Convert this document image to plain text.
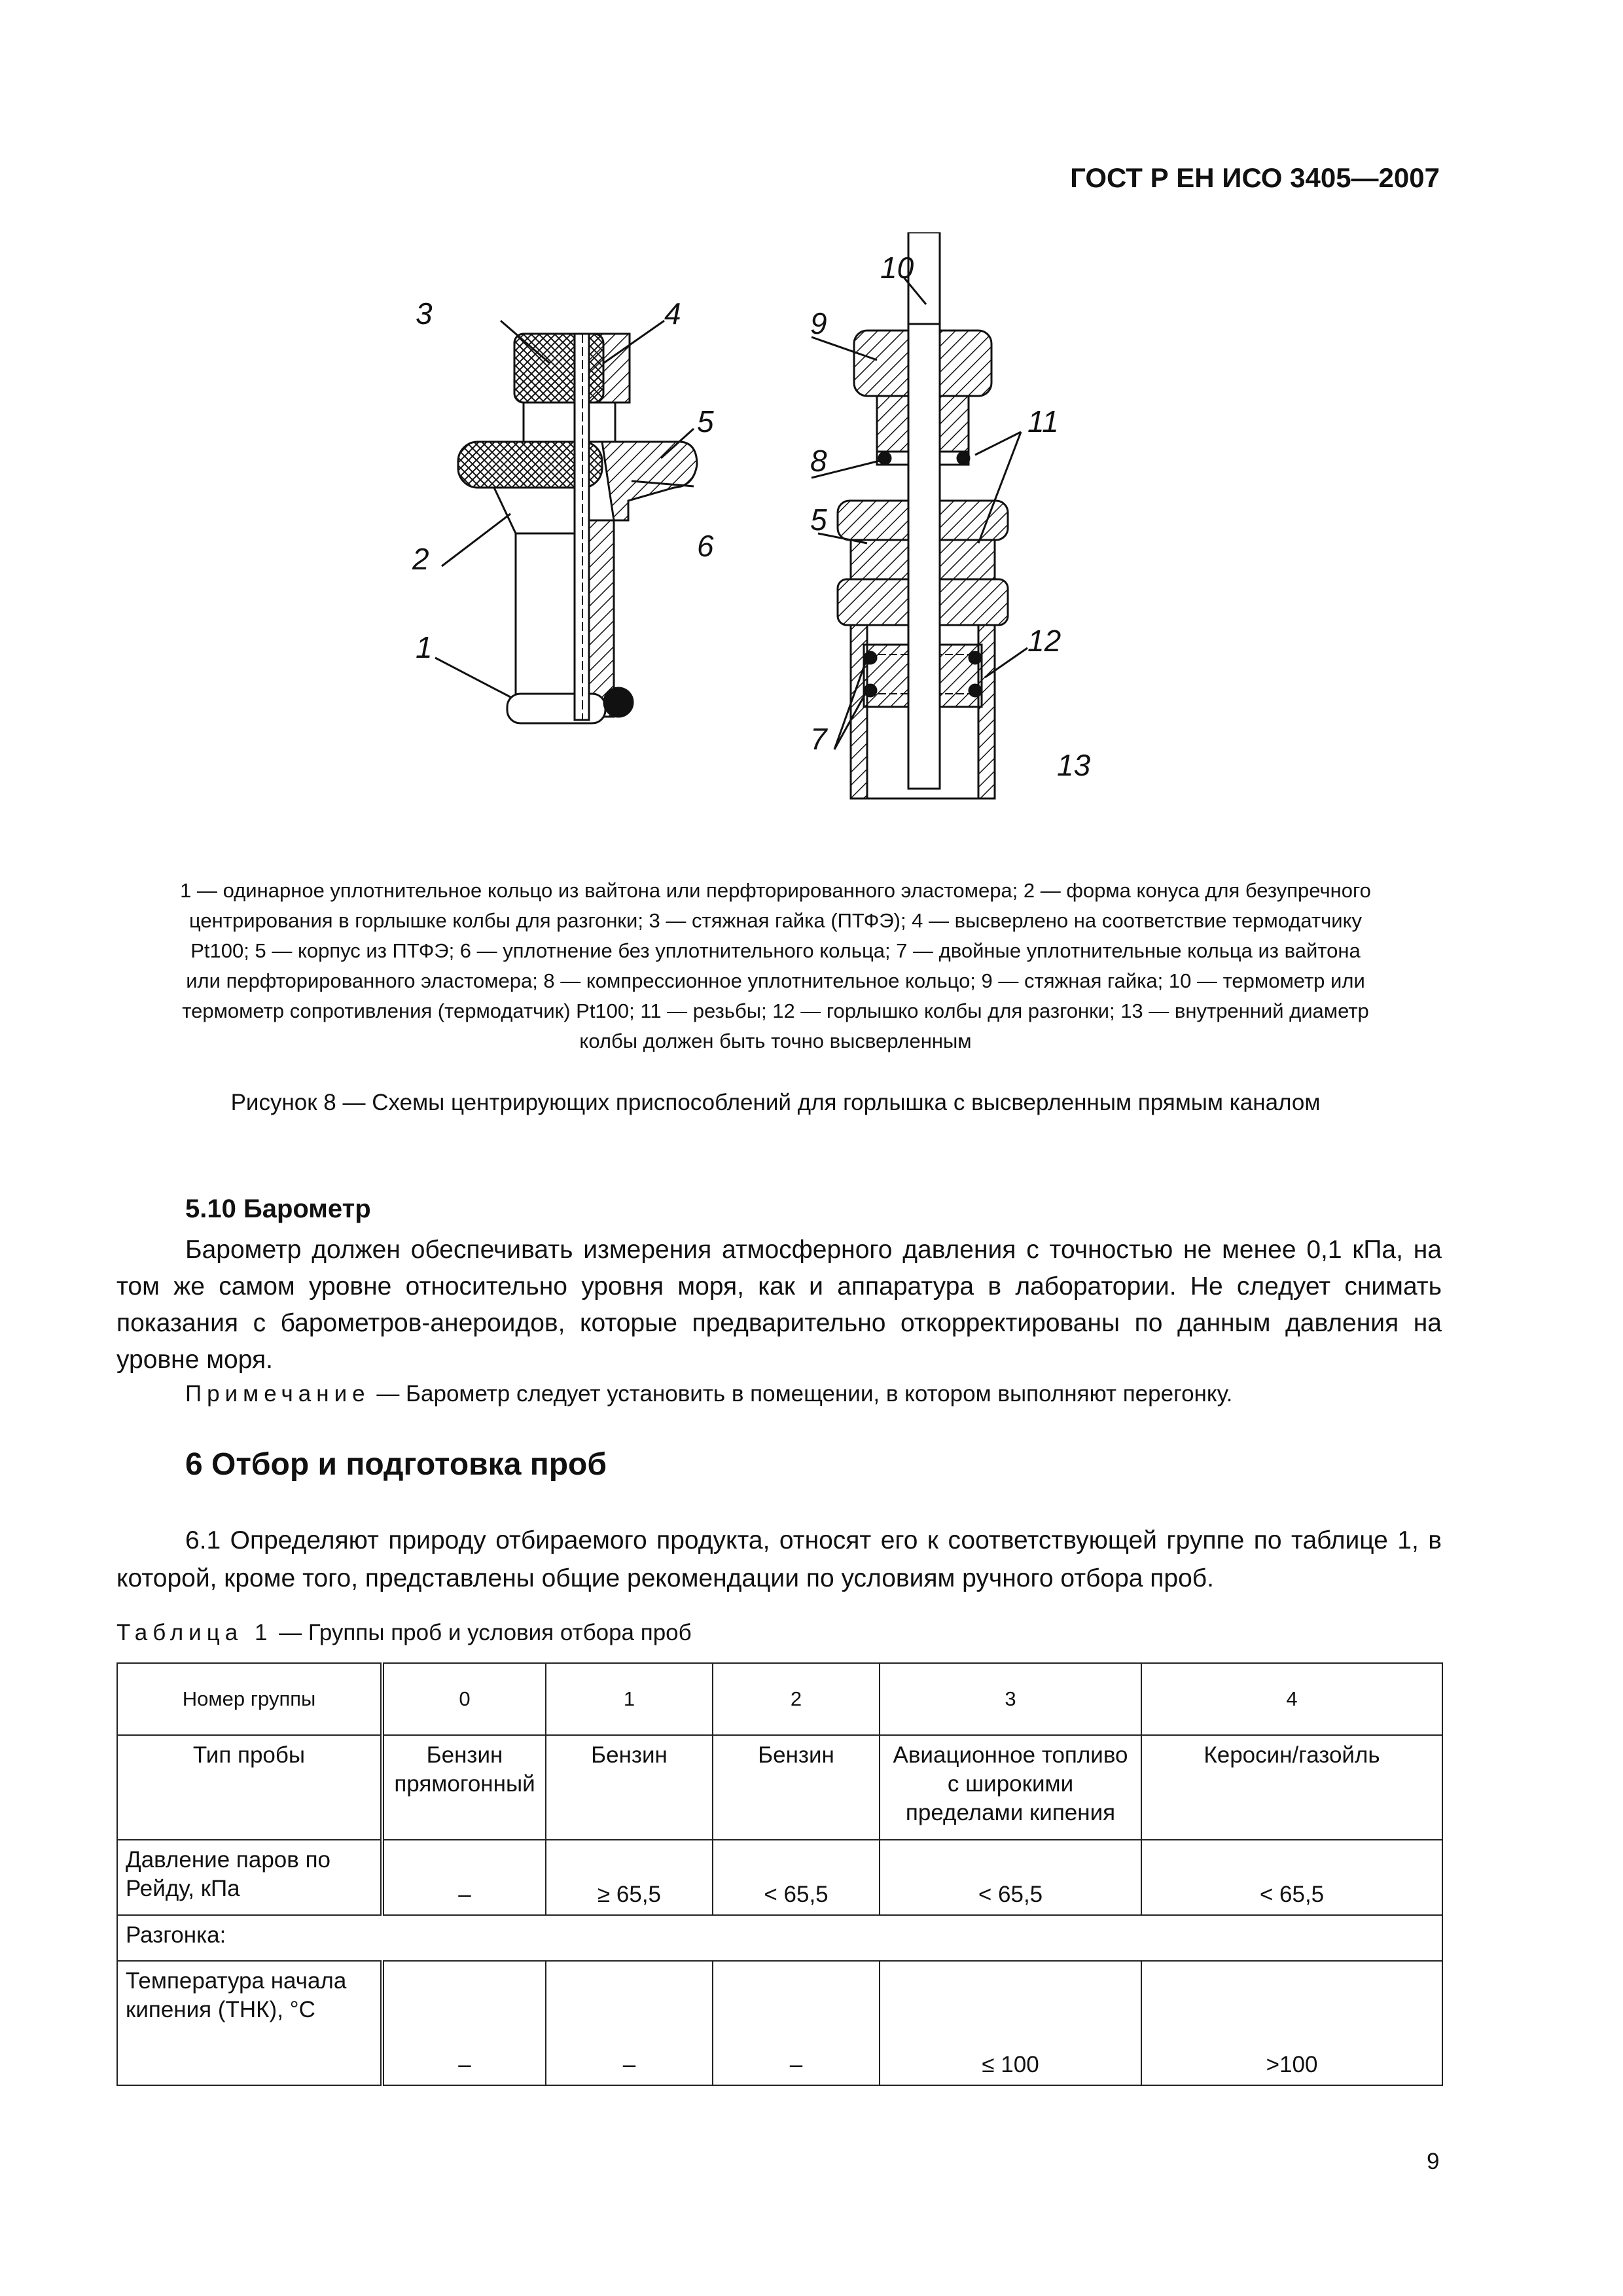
ГОСТ Р ЕН ИСО 3405—2007
3	4
5
6
2
1
10
9
8
11
5
12
7
13
1 — одинарное уплотнительное кольцо из вайтона или перфторированного эластомера; 2 — форма конуса для безупречного
центрирования в горлышке колбы для разгонки; 3 — стяжная гайка (ПТФЭ); 4 — высверлено на соответствие термодатчику
Pt100; 5 — корпус из ПТФЭ; 6 — уплотнение без уплотнительного кольца; 7 — двойные уплотнительные кольца из вайтона
или перфторированного эластомера; 8 — компрессионное уплотнительное кольцо; 9 — стяжная гайка; 10 — термометр или
термометр сопротивления (термодатчик) Pt100; 11 — резьбы; 12 — горлышко колбы для разгонки; 13 — внутренний диаметр
колбы должен быть точно высверленным
Рисунок 8 — Схемы центрирующих приспособлений для горлышка с высверленным прямым каналом
5.10 Барометр

Барометр должен обеспечивать измерения атмосферного давления с точностью не менее 0,1 кПа, на том же самом уровне относительно уровня моря, как и аппаратура в лаборатории. Не следует снимать показания с барометров-анероидов, которые предварительно откорректированы по данным давления на уровне моря.

Примечание — Барометр следует установить в помещении, в котором выполняют перегонку.
6 Отбор и подготовка проб

6.1 Определяют природу отбираемого продукта, относят его к соответствующей группе по таблице 1, в которой, кроме того, представлены общие рекомендации по условиям ручного отбора проб.

Таблица 1 — Группы проб и условия отбора проб
Номер группы	0	1	2	3	4
Тип пробы	Бензин прямогонный	Бензин	Бензин	Авиационное топливо с широкими пределами кипения	Керосин/газойль
Давление паров по Рейду, кПа	–	≥ 65,5	< 65,5	< 65,5	< 65,5
Разгонка:					
Температура начала кипения (ТНК), °С	–	–	–	≤ 100	>100
9
